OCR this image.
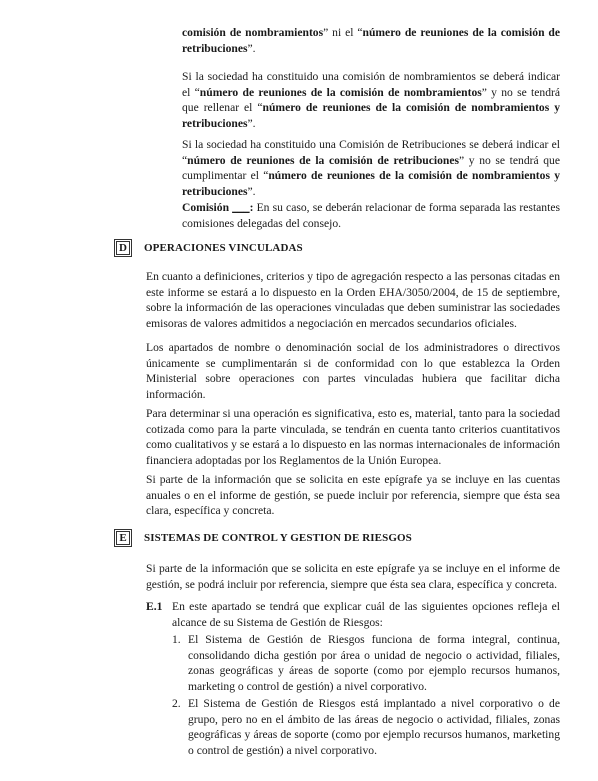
comisión de nombramientos” ni el “número de reuniones de la comisión de retribuciones”.

Si la sociedad ha constituido una comisión de nombramientos se deberá indicar el “número de reuniones de la comisión de nombramientos” y no se tendrá que rellenar el “número de reuniones de la comisión de nombramientos y retribuciones”.

Si la sociedad ha constituido una Comisión de Retribuciones se deberá indicar el “número de reuniones de la comisión de retribuciones” y no se tendrá que cumplimentar el “número de reuniones de la comisión de nombramientos y retribuciones”.

Comisión ___: En su caso, se deberán relacionar de forma separada las restantes comisiones delegadas del consejo.

D OPERACIONES VINCULADAS

En cuanto a definiciones, criterios y tipo de agregación respecto a las personas citadas en este informe se estará a lo dispuesto en la Orden EHA/3050/2004, de 15 de septiembre, sobre la información de las operaciones vinculadas que deben suministrar las sociedades emisoras de valores admitidos a negociación en mercados secundarios oficiales.

Los apartados de nombre o denominación social de los administradores o directivos únicamente se cumplimentarán si de conformidad con lo que establezca la Orden Ministerial sobre operaciones con partes vinculadas hubiera que facilitar dicha información.

Para determinar si una operación es significativa, esto es, material, tanto para la sociedad cotizada como para la parte vinculada, se tendrán en cuenta tanto criterios cuantitativos como cualitativos y se estará a lo dispuesto en las normas internacionales de información financiera adoptadas por los Reglamentos de la Unión Europea.

Si parte de la información que se solicita en este epígrafe ya se incluye en las cuentas anuales o en el informe de gestión, se puede incluir por referencia, siempre que ésta sea clara, específica y concreta.

E	SISTEMAS DE CONTROL Y GESTION DE RIESGOS

Si parte de la información que se solicita en este epígrafe ya se incluye en el informe de gestión, se podrá incluir por referencia, siempre que ésta sea clara, específica y concreta.

E.1 En este apartado se tendrá que explicar cuál de las siguientes opciones refleja el alcance de su Sistema de Gestión de Riesgos:

1. El Sistema de Gestión de Riesgos funciona de forma integral, continua, consolidando dicha gestión por área o unidad de negocio o actividad, filiales, zonas geográficas y áreas de soporte (como por ejemplo recursos humanos, marketing o control de gestión) a nivel corporativo.

2. El Sistema de Gestión de Riesgos está implantado a nivel corporativo o de grupo, pero no en el ámbito de las áreas de negocio o actividad, filiales, zonas geográficas y áreas de soporte (como por ejemplo recursos humanos, marketing o control de gestión) a nivel corporativo.
